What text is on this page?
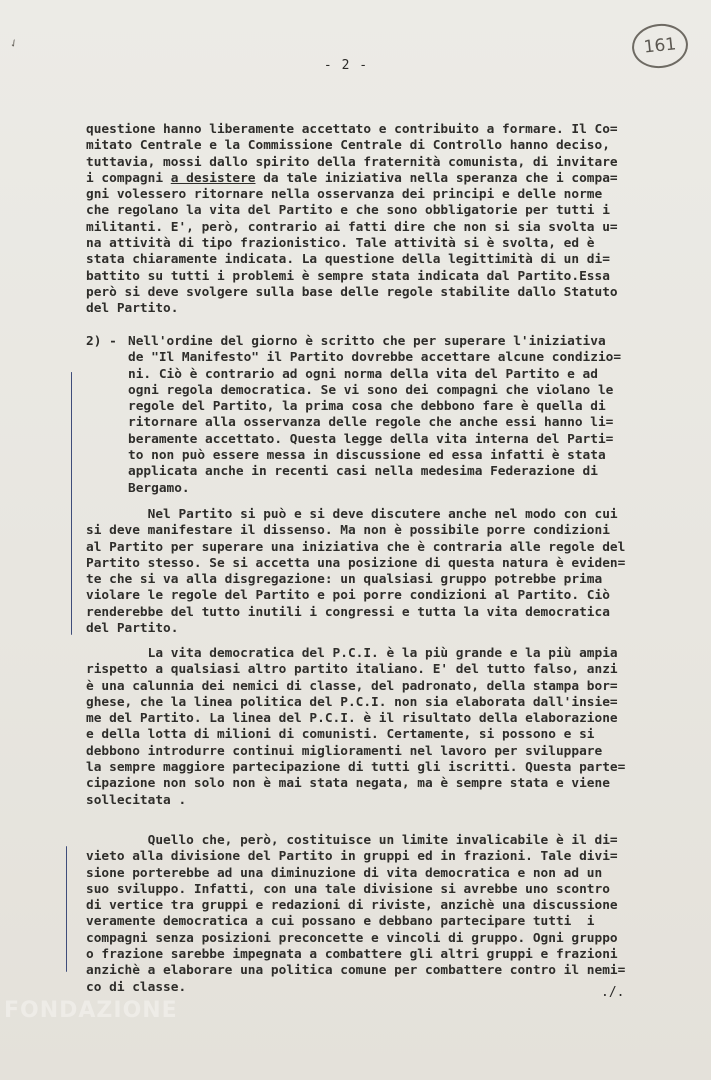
✓	161
- 2 -
questione hanno liberamente accettato e contribuito a formare. Il Co=
mitato Centrale e la Commissione Centrale di Controllo hanno deciso,
tuttavia, mossi dallo spirito della fraternità comunista, di invitare
i compagni a desistere da tale iniziativa nella speranza che i compa=
gni volessero ritornare nella osservanza dei principi e delle norme
che regolano la vita del Partito e che sono obbligatorie per tutti i
militanti. E', però, contrario ai fatti dire che non si sia svolta u=
na attività di tipo frazionistico. Tale attività si è svolta, ed è
stata chiaramente indicata. La questione della legittimità di un di=
battito su tutti i problemi è sempre stata indicata dal Partito.Essa
però si deve svolgere sulla base delle regole stabilite dallo Statuto
del Partito.
2) - Nell'ordine del giorno è scritto che per superare l'iniziativa
de "Il Manifesto" il Partito dovrebbe accettare alcune condizio=
ni. Ciò è contrario ad ogni norma della vita del Partito e ad
ogni regola democratica. Se vi sono dei compagni che violano le
regole del Partito, la prima cosa che debbono fare è quella di
ritornare alla osservanza delle regole che anche essi hanno li=
beramente accettato. Questa legge della vita interna del Parti=
to non può essere messa in discussione ed essa infatti è stata
applicata anche in recenti casi nella medesima Federazione di
Bergamo.
Nel Partito si può e si deve discutere anche nel modo con cui
si deve manifestare il dissenso. Ma non è possibile porre condizioni
al Partito per superare una iniziativa che è contraria alle regole del
Partito stesso. Se si accetta una posizione di questa natura è eviden=
te che si va alla disgregazione: un qualsiasi gruppo potrebbe prima
violare le regole del Partito e poi porre condizioni al Partito. Ciò
renderebbe del tutto inutili i congressi e tutta la vita democratica
del Partito.
La vita democratica del P.C.I. è la più grande e la più ampia
rispetto a qualsiasi altro partito italiano. E' del tutto falso, anzi
è una calunnia dei nemici di classe, del padronato, della stampa bor=
ghese, che la linea politica del P.C.I. non sia elaborata dall'insie=
me del Partito. La linea del P.C.I. è il risultato della elaborazione
e della lotta di milioni di comunisti. Certamente, si possono e si
debbono introdurre continui miglioramenti nel lavoro per sviluppare
la sempre maggiore partecipazione di tutti gli iscritti. Questa parte=
cipazione non solo non è mai stata negata, ma è sempre stata e viene
sollecitata .
Quello che, però, costituisce un limite invalicabile è il di=
vieto alla divisione del Partito in gruppi ed in frazioni. Tale divi=
sione porterebbe ad una diminuzione di vita democratica e non ad un
suo sviluppo. Infatti, con una tale divisione si avrebbe uno scontro
di vertice tra gruppi e redazioni di riviste, anzichè una discussione
veramente democratica a cui possano e debbano partecipare tutti  i
compagni senza posizioni preconcette e vincoli di gruppo. Ogni gruppo
o frazione sarebbe impegnata a combattere gli altri gruppi e frazioni
anzichè a elaborare una politica comune per combattere contro il nemi=
co di classe.	./.
FONDAZIONE
